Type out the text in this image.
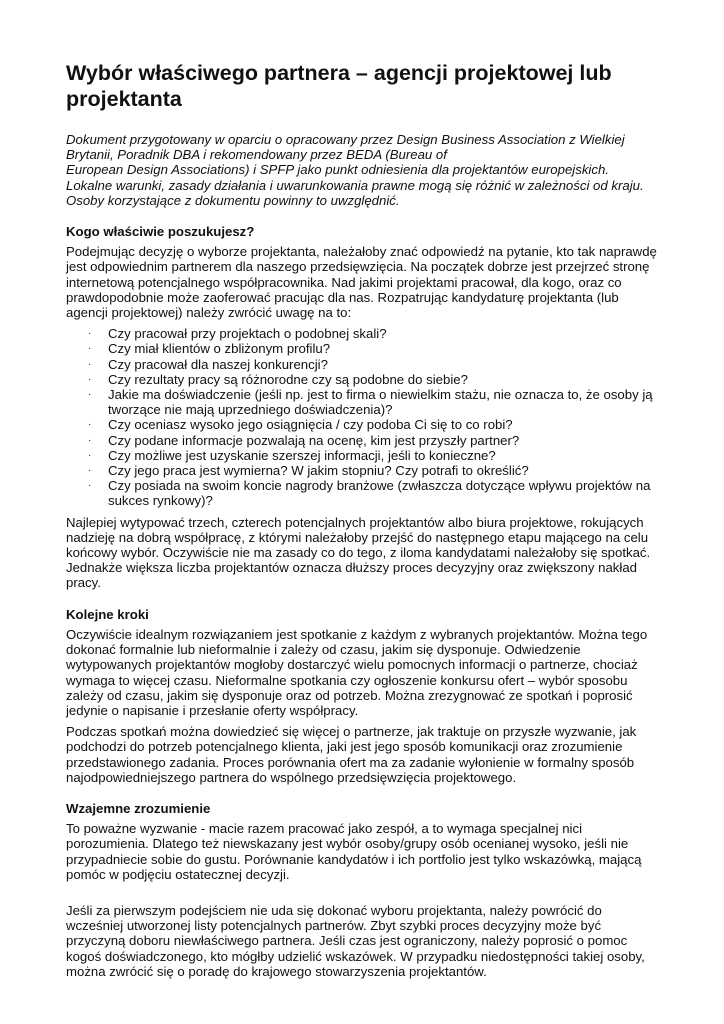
Wybór właściwego partnera – agencji projektowej lub projektanta
Dokument przygotowany w oparciu o opracowany przez Design Business Association z Wielkiej
Brytanii, Poradnik DBA i rekomendowany przez BEDA (Bureau of
European Design Associations) i SPFP jako punkt odniesienia dla projektantów europejskich.
Lokalne warunki, zasady działania i uwarunkowania prawne mogą się różnić w zależności od kraju.
Osoby korzystające z dokumentu powinny to uwzględnić.
Kogo właściwie poszukujesz?

Podejmując decyzję o wyborze projektanta, należałoby znać odpowiedź na pytanie, kto tak naprawdę jest odpowiednim partnerem dla naszego przedsięwzięcia. Na początek dobrze jest przejrzeć stronę internetową potencjalnego współpracownika. Nad jakimi projektami pracował, dla kogo, oraz co prawdopodobnie może zaoferować pracując dla nas. Rozpatrując kandydaturę projektanta (lub agencji projektowej) należy zwrócić uwagę na to:

· Czy pracował przy projektach o podobnej skali?
· Czy miał klientów o zbliżonym profilu?
· Czy pracował dla naszej konkurencji?
· Czy rezultaty pracy są różnorodne czy są podobne do siebie?
· Jakie ma doświadczenie (jeśli np. jest to firma o niewielkim stażu, nie oznacza to, że osoby ją tworzące nie mają uprzedniego doświadczenia)?
· Czy oceniasz wysoko jego osiągnięcia / czy podoba Ci się to co robi?
· Czy podane informacje pozwalają na ocenę, kim jest przyszły partner?
· Czy możliwe jest uzyskanie szerszej informacji, jeśli to konieczne?
· Czy jego praca jest wymierna? W jakim stopniu? Czy potrafi to określić?
· Czy posiada na swoim koncie nagrody branżowe (zwłaszcza dotyczące wpływu projektów na sukces rynkowy)?

Najlepiej wytypować trzech, czterech potencjalnych projektantów albo biura projektowe, rokujących nadzieję na dobrą współpracę, z którymi należałoby przejść do następnego etapu mającego na celu końcowy wybór. Oczywiście nie ma zasady co do tego, z iloma kandydatami należałoby się spotkać. Jednakże większa liczba projektantów oznacza dłuższy proces decyzyjny oraz zwiększony nakład pracy.

Kolejne kroki

Oczywiście idealnym rozwiązaniem jest spotkanie z każdym z wybranych projektantów. Można tego dokonać formalnie lub nieformalnie i zależy od czasu, jakim się dysponuje. Odwiedzenie wytypowanych projektantów mogłoby dostarczyć wielu pomocnych informacji o partnerze, chociaż wymaga to więcej czasu. Nieformalne spotkania czy ogłoszenie konkursu ofert – wybór sposobu zależy od czasu, jakim się dysponuje oraz od potrzeb. Można zrezygnować ze spotkań i poprosić jedynie o napisanie i przesłanie oferty współpracy.

Podczas spotkań można dowiedzieć się więcej o partnerze, jak traktuje on przyszłe wyzwanie, jak podchodzi do potrzeb potencjalnego klienta, jaki jest jego sposób komunikacji oraz zrozumienie przedstawionego zadania. Proces porównania ofert ma za zadanie wyłonienie w formalny sposób najodpowiedniejszego partnera do wspólnego przedsięwzięcia projektowego.

Wzajemne zrozumienie

To poważne wyzwanie - macie razem pracować jako zespół, a to wymaga specjalnej nici porozumienia. Dlatego też niewskazany jest wybór osoby/grupy osób ocenianej wysoko, jeśli nie przypadniecie sobie do gustu. Porównanie kandydatów i ich portfolio jest tylko wskazówką, mającą pomóc w podjęciu ostatecznej decyzji.

Jeśli za pierwszym podejściem nie uda się dokonać wyboru projektanta, należy powrócić do wcześniej utworzonej listy potencjalnych partnerów. Zbyt szybki proces decyzyjny może być przyczyną doboru niewłaściwego partnera. Jeśli czas jest ograniczony, należy poprosić o pomoc kogoś doświadczonego, kto mógłby udzielić wskazówek. W przypadku niedostępności takiej osoby, można zwrócić się o poradę do krajowego stowarzyszenia projektantów.
